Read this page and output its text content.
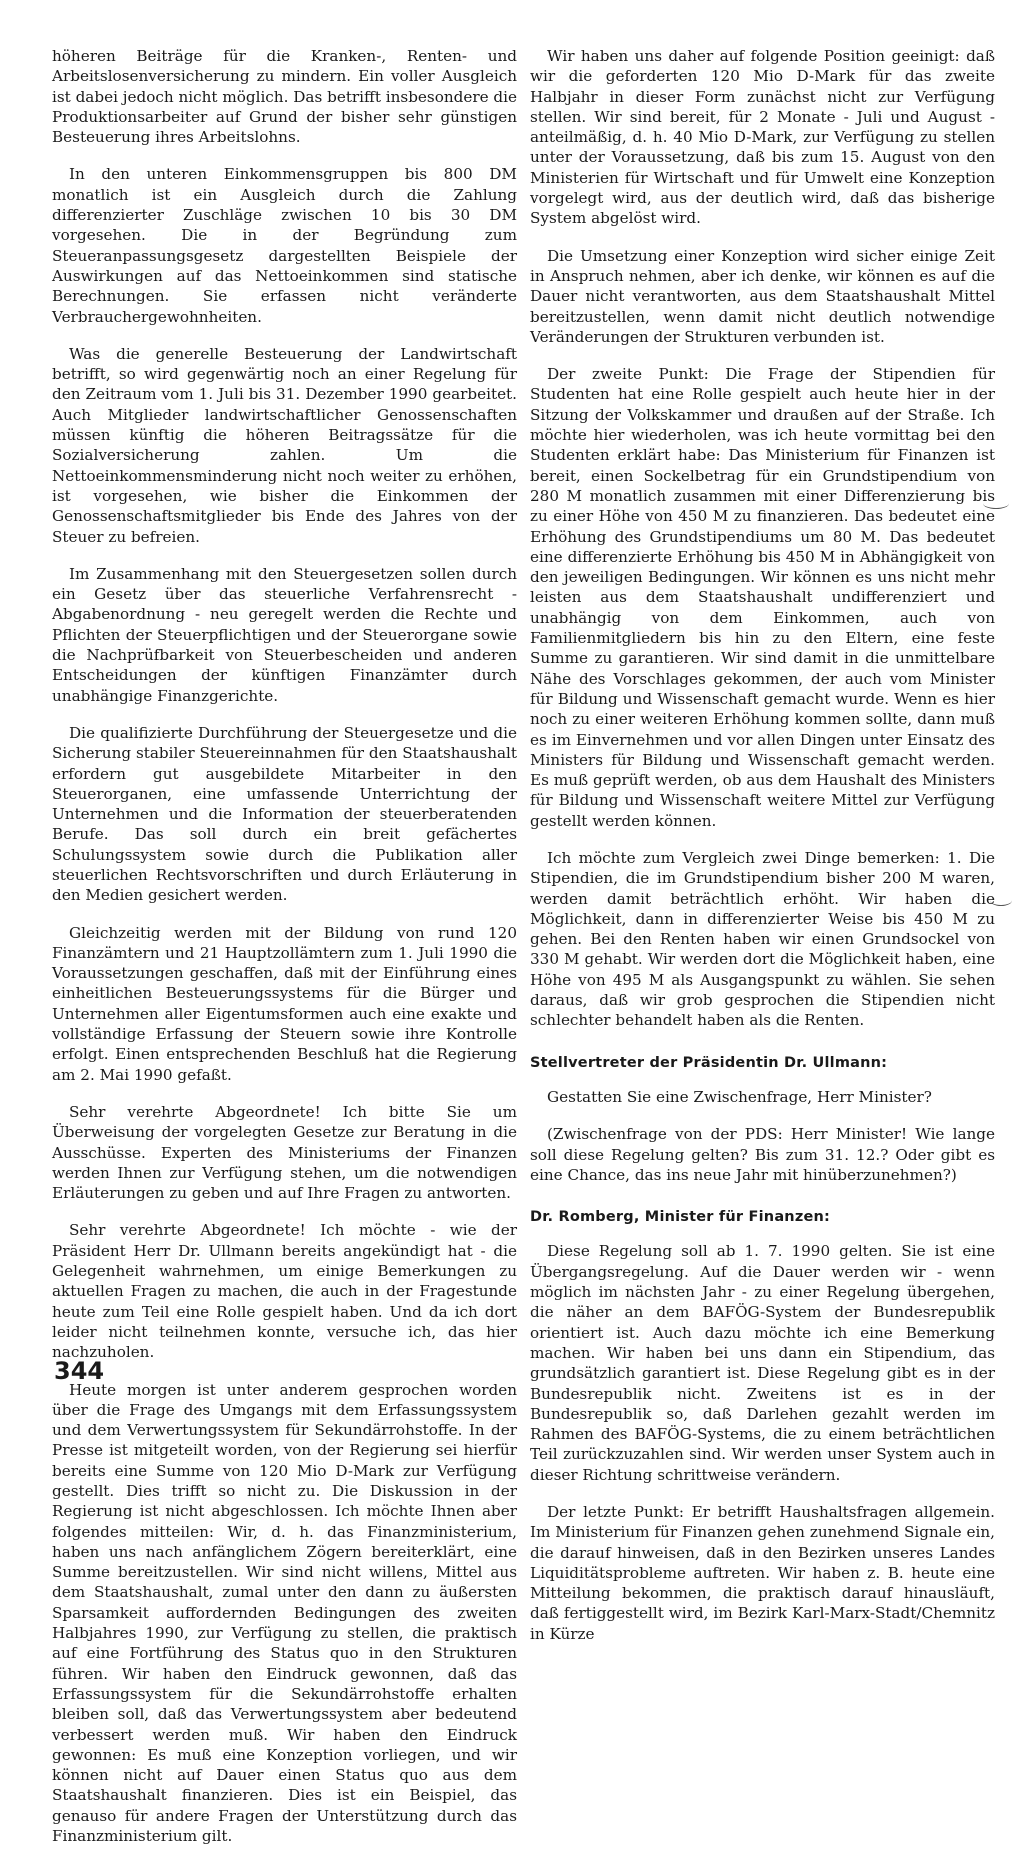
höheren Beiträge für die Kranken-, Renten- und Arbeitslosenversicherung zu mindern. Ein voller Ausgleich ist dabei jedoch nicht möglich. Das betrifft insbesondere die Produktionsarbeiter auf Grund der bisher sehr günstigen Besteuerung ihres Arbeitslohns.

In den unteren Einkommensgruppen bis 800 DM monatlich ist ein Ausgleich durch die Zahlung differenzierter Zuschläge zwischen 10 bis 30 DM vorgesehen. Die in der Begründung zum Steueranpassungsgesetz dargestellten Beispiele der Auswirkungen auf das Nettoeinkommen sind statische Berechnungen. Sie erfassen nicht veränderte Verbrauchergewohnheiten.

Was die generelle Besteuerung der Landwirtschaft betrifft, so wird gegenwärtig noch an einer Regelung für den Zeitraum vom 1. Juli bis 31. Dezember 1990 gearbeitet. Auch Mitglieder landwirtschaftlicher Genossenschaften müssen künftig die höheren Beitragssätze für die Sozialversicherung zahlen. Um die Nettoeinkommensminderung nicht noch weiter zu erhöhen, ist vorgesehen, wie bisher die Einkommen der Genossenschaftsmitglieder bis Ende des Jahres von der Steuer zu befreien.

Im Zusammenhang mit den Steuergesetzen sollen durch ein Gesetz über das steuerliche Verfahrensrecht - Abgabenordnung - neu geregelt werden die Rechte und Pflichten der Steuerpflichtigen und der Steuerorgane sowie die Nachprüfbarkeit von Steuerbescheiden und anderen Entscheidungen der künftigen Finanzämter durch unabhängige Finanzgerichte.

Die qualifizierte Durchführung der Steuergesetze und die Sicherung stabiler Steuereinnahmen für den Staatshaushalt erfordern gut ausgebildete Mitarbeiter in den Steuerorganen, eine umfassende Unterrichtung der Unternehmen und die Information der steuerberatenden Berufe. Das soll durch ein breit gefächertes Schulungssystem sowie durch die Publikation aller steuerlichen Rechtsvorschriften und durch Erläuterung in den Medien gesichert werden.

Gleichzeitig werden mit der Bildung von rund 120 Finanzämtern und 21 Hauptzollämtern zum 1. Juli 1990 die Voraussetzungen geschaffen, daß mit der Einführung eines einheitlichen Besteuerungssystems für die Bürger und Unternehmen aller Eigentumsformen auch eine exakte und vollständige Erfassung der Steuern sowie ihre Kontrolle erfolgt. Einen entsprechenden Beschluß hat die Regierung am 2. Mai 1990 gefaßt.

Sehr verehrte Abgeordnete! Ich bitte Sie um Überweisung der vorgelegten Gesetze zur Beratung in die Ausschüsse. Experten des Ministeriums der Finanzen werden Ihnen zur Verfügung stehen, um die notwendigen Erläuterungen zu geben und auf Ihre Fragen zu antworten.

Sehr verehrte Abgeordnete! Ich möchte - wie der Präsident Herr Dr. Ullmann bereits angekündigt hat - die Gelegenheit wahrnehmen, um einige Bemerkungen zu aktuellen Fragen zu machen, die auch in der Fragestunde heute zum Teil eine Rolle gespielt haben. Und da ich dort leider nicht teilnehmen konnte, versuche ich, das hier nachzuholen.

Heute morgen ist unter anderem gesprochen worden über die Frage des Umgangs mit dem Erfassungssystem und dem Verwertungssystem für Sekundärrohstoffe. In der Presse ist mitgeteilt worden, von der Regierung sei hierfür bereits eine Summe von 120 Mio D-Mark zur Verfügung gestellt. Dies trifft so nicht zu. Die Diskussion in der Regierung ist nicht abgeschlossen. Ich möchte Ihnen aber folgendes mitteilen: Wir, d. h. das Finanzministerium, haben uns nach anfänglichem Zögern bereiterklärt, eine Summe bereitzustellen. Wir sind nicht willens, Mittel aus dem Staatshaushalt, zumal unter den dann zu äußersten Sparsamkeit auffordernden Bedingungen des zweiten Halbjahres 1990, zur Verfügung zu stellen, die praktisch auf eine Fortführung des Status quo in den Strukturen führen. Wir haben den Eindruck gewonnen, daß das Erfassungssystem für die Sekundärrohstoffe erhalten bleiben soll, daß das Verwertungssystem aber bedeutend verbessert werden muß. Wir haben den Eindruck gewonnen: Es muß eine Konzeption vorliegen, und wir können nicht auf Dauer einen Status quo aus dem Staatshaushalt finanzieren. Dies ist ein Beispiel, das genauso für andere Fragen der Unterstützung durch das Finanzministerium gilt.

Wir haben uns daher auf folgende Position geeinigt: daß wir die geforderten 120 Mio D-Mark für das zweite Halbjahr in dieser Form zunächst nicht zur Verfügung stellen. Wir sind bereit, für 2 Monate - Juli und August - anteilmäßig, d. h. 40 Mio D-Mark, zur Verfügung zu stellen unter der Voraussetzung, daß bis zum 15. August von den Ministerien für Wirtschaft und für Umwelt eine Konzeption vorgelegt wird, aus der deutlich wird, daß das bisherige System abgelöst wird.

Die Umsetzung einer Konzeption wird sicher einige Zeit in Anspruch nehmen, aber ich denke, wir können es auf die Dauer nicht verantworten, aus dem Staatshaushalt Mittel bereitzustellen, wenn damit nicht deutlich notwendige Veränderungen der Strukturen verbunden ist.

Der zweite Punkt: Die Frage der Stipendien für Studenten hat eine Rolle gespielt auch heute hier in der Sitzung der Volkskammer und draußen auf der Straße. Ich möchte hier wiederholen, was ich heute vormittag bei den Studenten erklärt habe: Das Ministerium für Finanzen ist bereit, einen Sockelbetrag für ein Grundstipendium von 280 M monatlich zusammen mit einer Differenzierung bis zu einer Höhe von 450 M zu finanzieren. Das bedeutet eine Erhöhung des Grundstipendiums um 80 M. Das bedeutet eine differenzierte Erhöhung bis 450 M in Abhängigkeit von den jeweiligen Bedingungen. Wir können es uns nicht mehr leisten aus dem Staatshaushalt undifferenziert und unabhängig von dem Einkommen, auch von Familienmitgliedern bis hin zu den Eltern, eine feste Summe zu garantieren. Wir sind damit in die unmittelbare Nähe des Vorschlages gekommen, der auch vom Minister für Bildung und Wissenschaft gemacht wurde. Wenn es hier noch zu einer weiteren Erhöhung kommen sollte, dann muß es im Einvernehmen und vor allen Dingen unter Einsatz des Ministers für Bildung und Wissenschaft gemacht werden. Es muß geprüft werden, ob aus dem Haushalt des Ministers für Bildung und Wissenschaft weitere Mittel zur Verfügung gestellt werden können.

Ich möchte zum Vergleich zwei Dinge bemerken: 1. Die Stipendien, die im Grundstipendium bisher 200 M waren, werden damit beträchtlich erhöht. Wir haben die Möglichkeit, dann in differenzierter Weise bis 450 M zu gehen. Bei den Renten haben wir einen Grundsockel von 330 M gehabt. Wir werden dort die Möglichkeit haben, eine Höhe von 495 M als Ausgangspunkt zu wählen. Sie sehen daraus, daß wir grob gesprochen die Stipendien nicht schlechter behandelt haben als die Renten.

Stellvertreter der Präsidentin Dr. Ullmann:

Gestatten Sie eine Zwischenfrage, Herr Minister?

(Zwischenfrage von der PDS: Herr Minister! Wie lange soll diese Regelung gelten? Bis zum 31. 12.? Oder gibt es eine Chance, das ins neue Jahr mit hinüberzunehmen?)

Dr. Romberg, Minister für Finanzen:

Diese Regelung soll ab 1. 7. 1990 gelten. Sie ist eine Übergangsregelung. Auf die Dauer werden wir - wenn möglich im nächsten Jahr - zu einer Regelung übergehen, die näher an dem BAFÖG-System der Bundesrepublik orientiert ist. Auch dazu möchte ich eine Bemerkung machen. Wir haben bei uns dann ein Stipendium, das grundsätzlich garantiert ist. Diese Regelung gibt es in der Bundesrepublik nicht. Zweitens ist es in der Bundesrepublik so, daß Darlehen gezahlt werden im Rahmen des BAFÖG-Systems, die zu einem beträchtlichen Teil zurückzuzahlen sind. Wir werden unser System auch in dieser Richtung schrittweise verändern.

Der letzte Punkt: Er betrifft Haushaltsfragen allgemein. Im Ministerium für Finanzen gehen zunehmend Signale ein, die darauf hinweisen, daß in den Bezirken unseres Landes Liquiditätsprobleme auftreten. Wir haben z. B. heute eine Mitteilung bekommen, die praktisch darauf hinausläuft, daß fertiggestellt wird, im Bezirk Karl-Marx-Stadt/Chemnitz in Kürze

344
